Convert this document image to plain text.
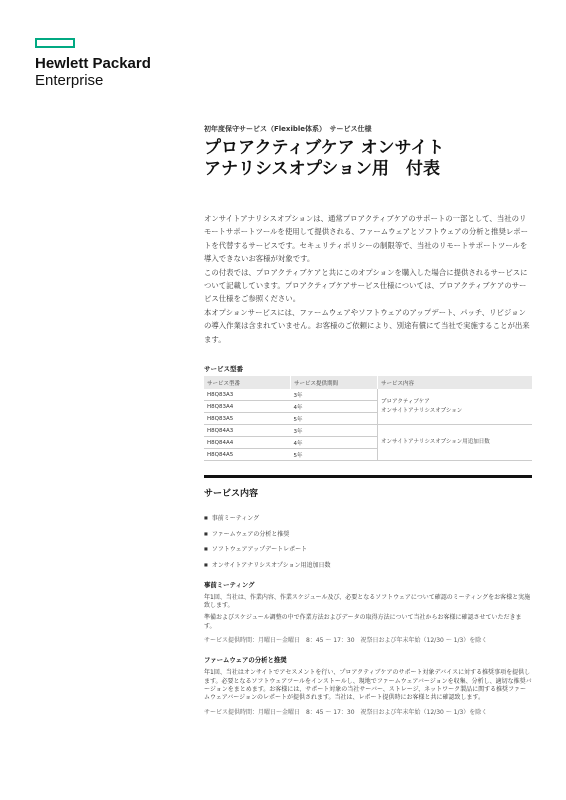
Hewlett Packard
Enterprise
初年度保守サービス（Flexible体系）　サービス仕様
プロアクティブケア オンサイト
アナリシスオプション用　付表

オンサイトアナリシスオプションは、通常プロアクティブケアのサポートの一部として、当社のリモートサポートツールを使用して提供される、ファームウェアとソフトウェアの分析と推奨レポートを代替するサービスです。セキュリティポリシーの制限等で、当社のリモートサポートツールを導入できないお客様が対象です。

この付表では、プロアクティブケアと共にこのオプションを購入した場合に提供されるサービスについて記載しています。プロアクティブケアサービス仕様については、プロアクティブケアのサービス仕様をご参照ください。

本オプションサービスには、ファームウェアやソフトウェアのアップデート、パッチ、リビジョンの導入作業は含まれていません。お客様のご依頼により、別途有償にて当社で実施することが出来ます。

サービス型番
サービス型番	サービス提供期間	サービス内容
H8Q83A3	3年	プロアクティブケア
オンサイトアナリシスオプション
H8Q83A4	4年	
H8Q83A5	5年	
H8Q84A3	3年	オンサイトアナリシスオプション用追加日数
H8Q84A4	4年	
H8Q84A5	5年	
サービス内容
■ 事前ミーティング
■ ファームウェアの分析と推奨
■ ソフトウェアアップデートレポート
■ オンサイトアナリシスオプション用追加日数
事前ミーティング

年1回、当社は、作業内容、作業スケジュール及び、必要となるソフトウェアについて確認のミーティングをお客様と実施致します。

準備およびスケジュール調整の中で作業方法およびデータの取得方法について当社からお客様に確認させていただきます。

サービス提供時間：月曜日～金曜日　8：45 ～ 17：30　祝祭日および年末年始（12/30 ～ 1/3）を除く

ファームウェアの分析と推奨

年1回、当社はオンサイトでアセスメントを行い、プロアクティブケアのサポート対象デバイスに対する推奨事項を提供します。必要となるソフトウェアツールをインストールし、現地でファームウェアバージョンを収集、分析し、適切な推奨バージョンをまとめます。お客様には、サポート対象の当社サーバー、ストレージ、ネットワーク製品に関する推奨ファームウェアバージョンのレポートが提供されます。当社は、レポート提供時にお客様と共に確認致します。

サービス提供時間：月曜日～金曜日　8：45 ～ 17：30　祝祭日および年末年始（12/30 ～ 1/3）を除く
